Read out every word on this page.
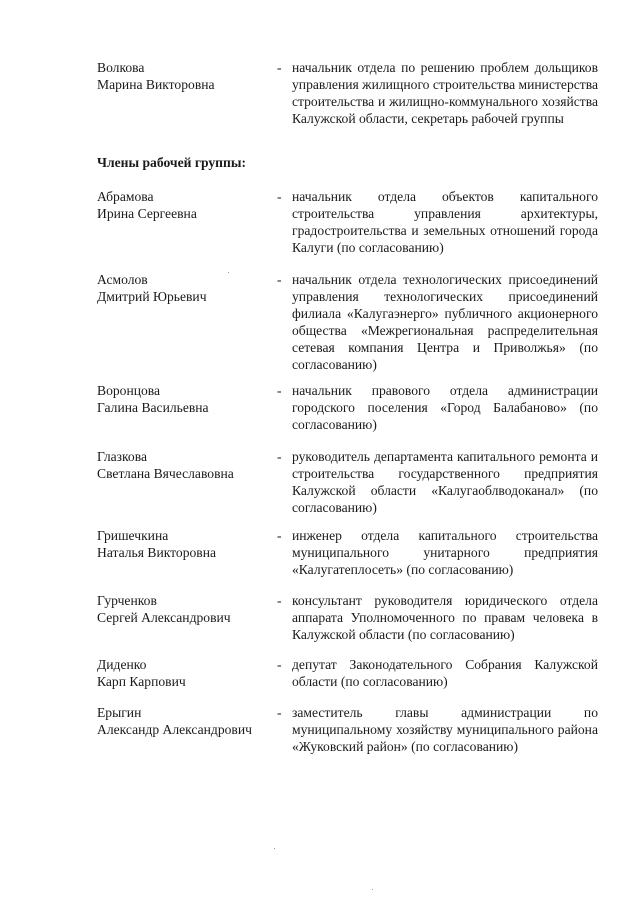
Волкова
Марина Викторовна
- начальник отдела по решению проблем дольщиков управления жилищного строительства министерства строительства и жилищно-коммунального хозяйства Калужской области, секретарь рабочей группы
Члены рабочей группы:
Абрамова
Ирина Сергеевна
- начальник отдела объектов капитального строительства управления архитектуры, градостроительства и земельных отношений города Калуги (по согласованию)
Асмолов
Дмитрий Юрьевич
- начальник отдела технологических присоединений управления технологических присоединений филиала «Калугаэнерго» публичного акционерного общества «Межрегиональная распределительная сетевая компания Центра и Приволжья» (по согласованию)
Воронцова
Галина Васильевна
- начальник правового отдела администрации городского поселения «Город Балабаново» (по согласованию)
Глазкова
Светлана Вячеславовна
- руководитель департамента капитального ремонта и строительства государственного предприятия Калужской области «Калугаоблводоканал» (по согласованию)
Гришечкина
Наталья Викторовна
- инженер отдела капитального строительства муниципального унитарного предприятия «Калугатеплосеть» (по согласованию)
Гурченков
Сергей Александрович
- консультант руководителя юридического отдела аппарата Уполномоченного по правам человека в Калужской области (по согласованию)
Диденко
Карп Карпович
- депутат Законодательного Собрания Калужской области (по согласованию)
Ерыгин
Александр Александрович
- заместитель главы администрации по муниципальному хозяйству муниципального района «Жуковский район» (по согласованию)
